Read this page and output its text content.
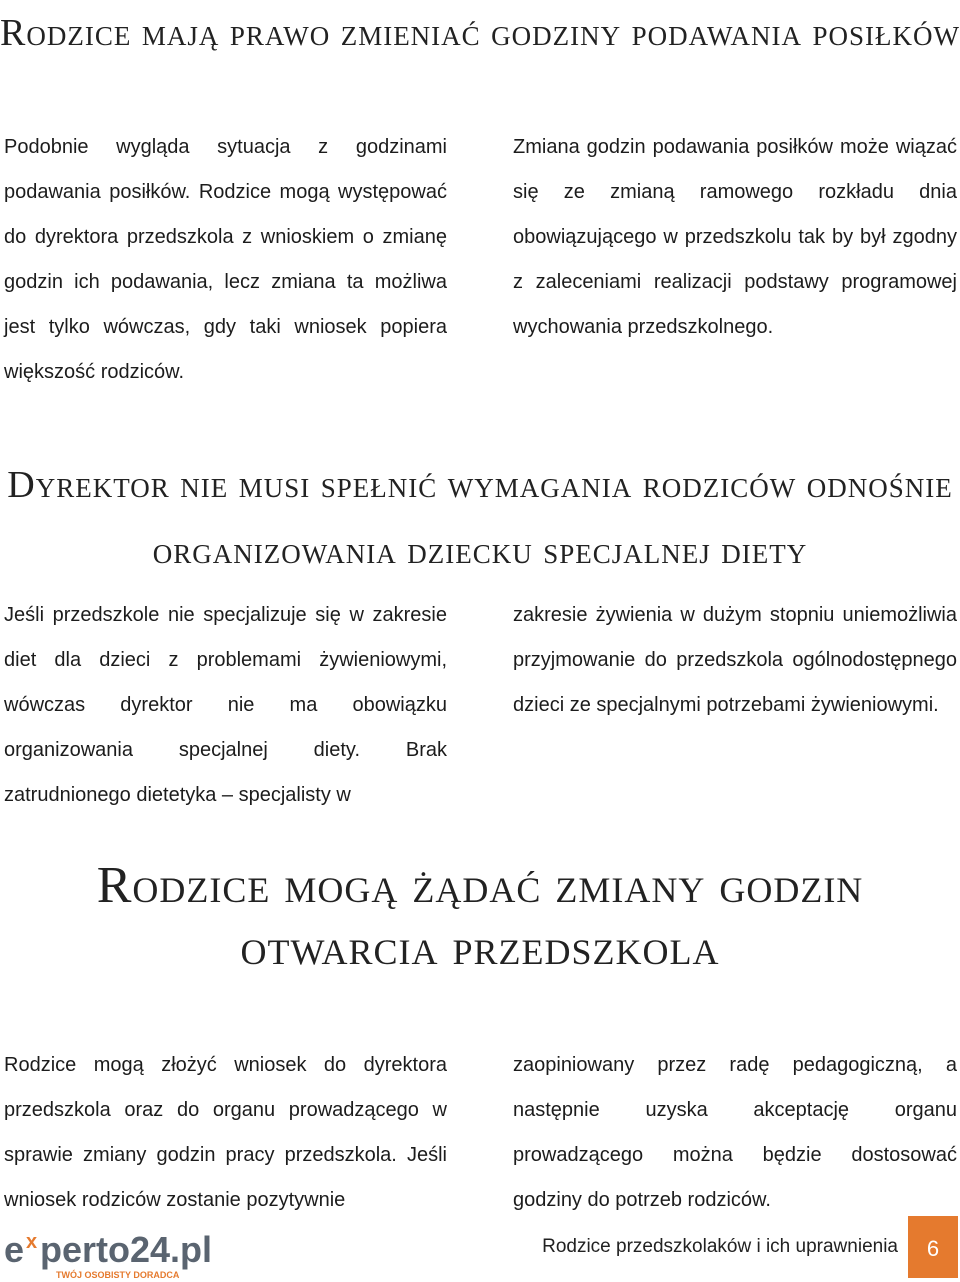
Rodzice mają prawo zmieniać godziny podawania posiłków

Podobnie wygląda sytuacja z godzinami podawania posiłków. Rodzice mogą występować do dyrektora przedszkola z wnioskiem o zmianę godzin ich podawania, lecz zmiana ta możliwa jest tylko wówczas, gdy taki wniosek popiera większość rodziców.

Zmiana godzin podawania posiłków może wiązać się ze zmianą ramowego rozkładu dnia obowiązującego w przedszkolu tak by był zgodny z zaleceniami realizacji podstawy programowej wychowania przedszkolnego.

Dyrektor nie musi spełnić wymagania rodziców odnośnie organizowania dziecku specjalnej diety

Jeśli przedszkole nie specjalizuje się w zakresie diet dla dzieci z problemami żywieniowymi, wówczas dyrektor nie ma obowiązku organizowania specjalnej diety. Brak zatrudnionego dietetyka – specjalisty w

zakresie żywienia w dużym stopniu uniemożliwia przyjmowanie do przedszkola ogólnodostępnego dzieci ze specjalnymi potrzebami żywieniowymi.

Rodzice mogą żądać zmiany godzin otwarcia przedszkola

Rodzice mogą złożyć wniosek do dyrektora przedszkola oraz do organu prowadzącego w sprawie zmiany godzin pracy przedszkola. Jeśli wniosek rodziców zostanie pozytywnie

zaopiniowany przez radę pedagogiczną, a następnie uzyska akceptację organu prowadzącego można będzie dostosować godziny do potrzeb rodziców.

e x perto24.pl
TWÓJ OSOBISTY DORADCA
Rodzice przedszkolaków i ich uprawnienia	6
